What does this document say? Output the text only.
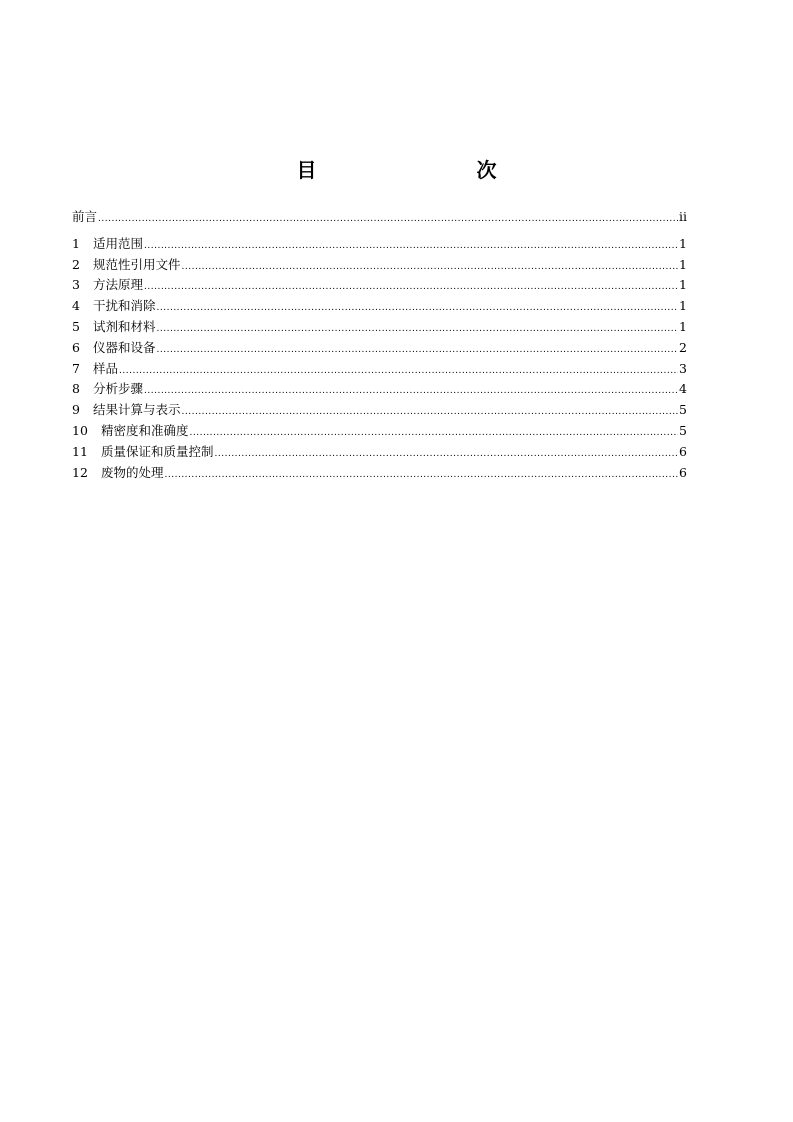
目　　次
前言 .....	ii
1	适用范围 .....	1
2	规范性引用文件 .....	1
3	方法原理 .....	1
4	干扰和消除 .....	1
5	试剂和材料 .....	1
6	仪器和设备 .....	2
7	样品 .....	3
8	分析步骤 .....	4
9	结果计算与表示 .....	5
10	精密度和准确度 .....	5
11	质量保证和质量控制 .....	6
12	废物的处理 .....	6
